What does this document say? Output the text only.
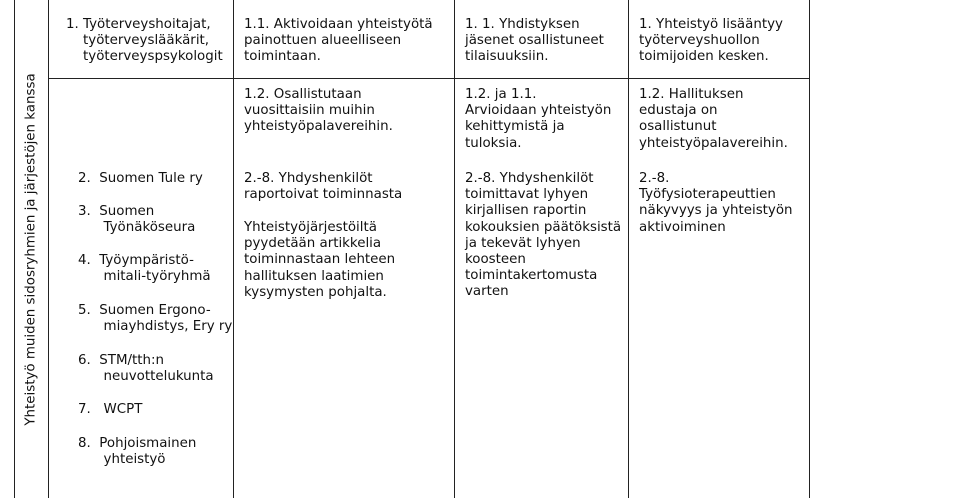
Yhteistyö muiden sidosryhmien ja järjestöjen kanssa
1. Työterveyshoitajat,
työterveyslääkärit,
työterveyspsykologit
2.  Suomen Tule ry
3.  Suomen
Työnäköseura
4.  Työympäristö-
mitali-työryhmä
5.  Suomen Ergono-
miayhdistys, Ery ry
6.  STM/tth:n
neuvottelukunta
7.   WCPT
8.  Pohjoismainen
yhteistyö
1.1. Aktivoidaan yhteistyötä
painottuen alueelliseen
toimintaan.
1.2. Osallistutaan
vuosittaisiin muihin
yhteistyöpalavereihin.
2.-8. Yhdyshenkilöt
raportoivat toiminnasta
Yhteistyöjärjestöiltä
pyydetään artikkelia
toiminnastaan lehteen
hallituksen laatimien
kysymysten pohjalta.
1. 1. Yhdistyksen
jäsenet osallistuneet
tilaisuuksiin.
1.2. ja 1.1.
Arvioidaan yhteistyön
kehittymistä ja
tuloksia.
2.-8. Yhdyshenkilöt
toimittavat lyhyen
kirjallisen raportin
kokouksien päätöksistä
ja tekevät lyhyen
koosteen
toimintakertomusta
varten
1. Yhteistyö lisääntyy
työterveyshuollon
toimijoiden kesken.
1.2. Hallituksen
edustaja on
osallistunut
yhteistyöpalavereihin.
2.-8.
Työfysioterapeuttien
näkyvyys ja yhteistyön
aktivoiminen
